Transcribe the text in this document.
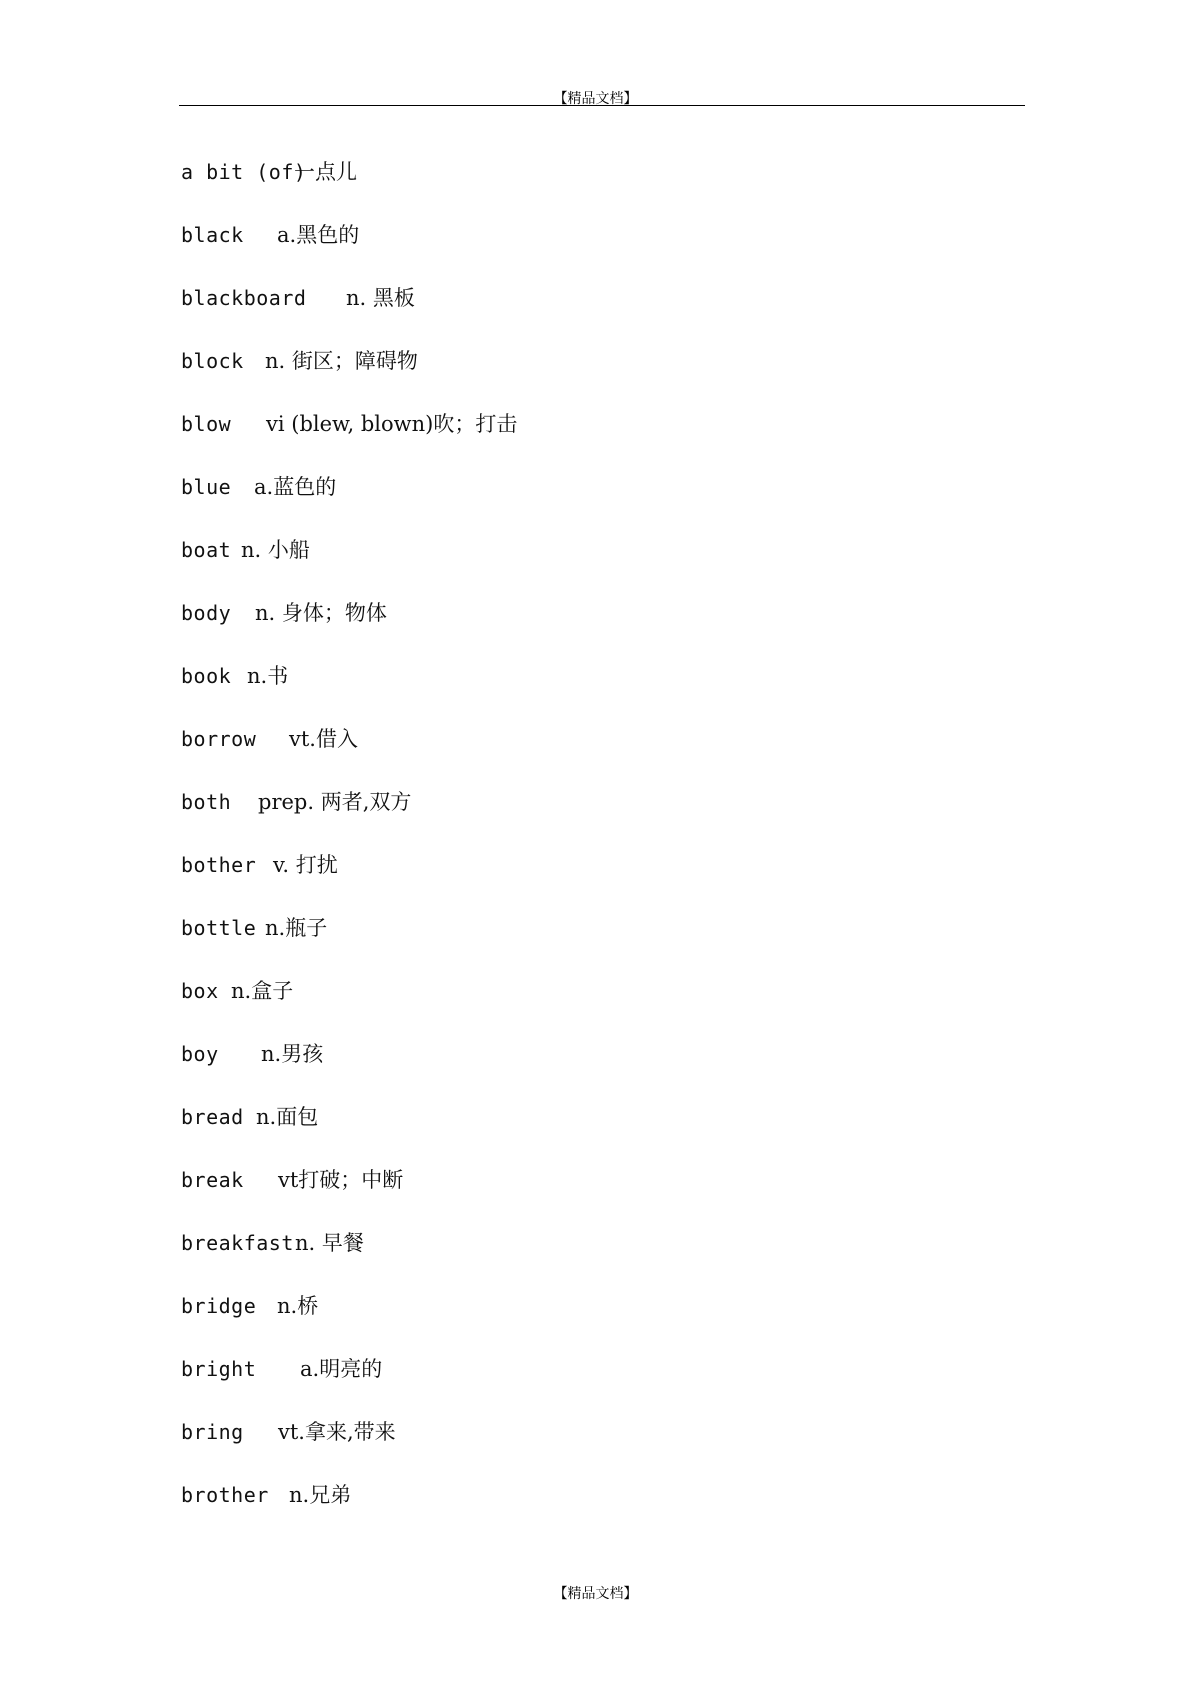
【精品文档】
a bit (of)
一点儿
black a.黑色的
blackboard n. 黑板
block n. 街区；障碍物
blow vi (blew, blown)吹；打击
blue a.蓝色的
boat n. 小船
body n. 身体；物体
book n.书
borrow vt.借入
both prep. 两者,双方
bother v. 打扰
bottle n.瓶子
box n.盒子
boy n.男孩
bread n.面包
break vt打破；中断
breakfast n. 早餐
bridge n.桥
bright a.明亮的
bring vt.拿来,带来
brother n.兄弟
【精品文档】
